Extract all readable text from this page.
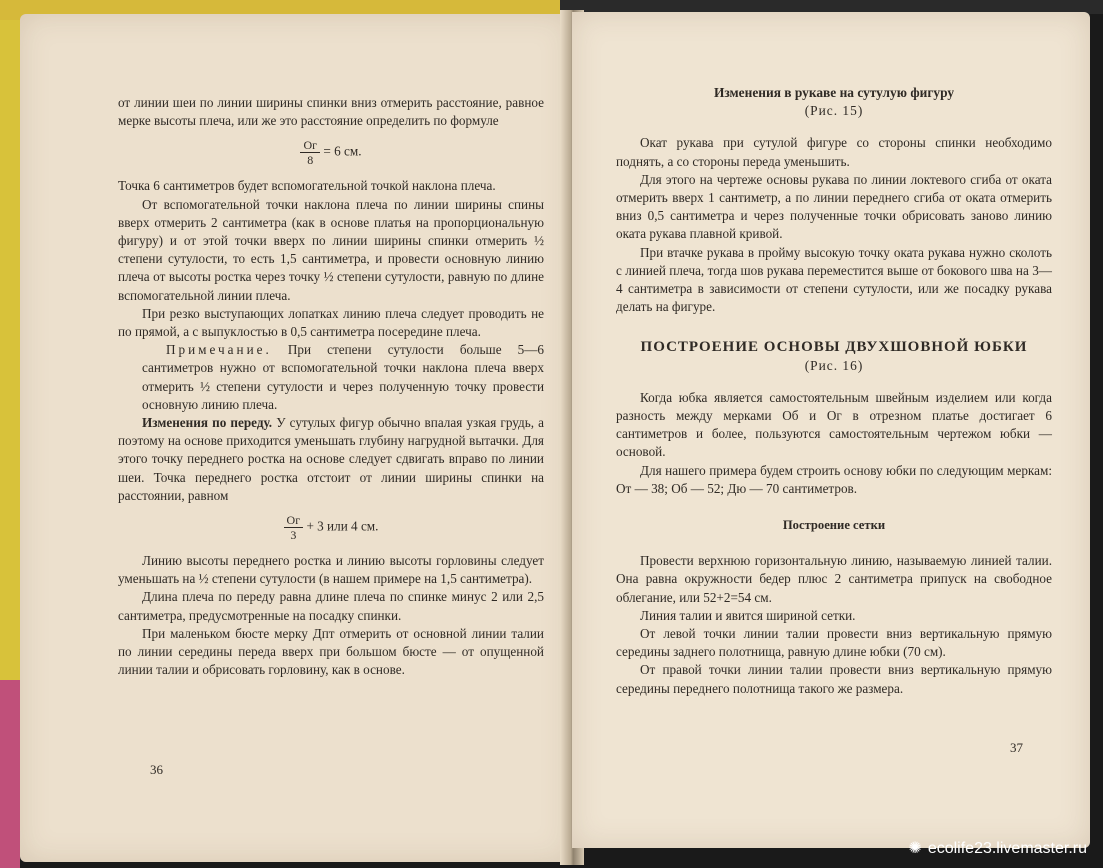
от линии шеи по линии ширины спинки вниз отмерить расстояние, равное мерке высоты плеча, или же это расстояние определить по формуле

$\frac{Ог}{8} = 6$ см.

Точка 6 сантиметров будет вспомогательной точкой наклона плеча.

От вспомогательной точки наклона плеча по линии ширины спины вверх отмерить 2 сантиметра (как в основе платья на пропорциональную фигуру) и от этой точки вверх по линии ширины спинки отмерить ½ степени сутулости, то есть 1,5 сантиметра, и провести основную линию плеча от высоты ростка через точку ½ степени сутулости, равную по длине вспомогательной линии плеча.

При резко выступающих лопатках линию плеча следует проводить не по прямой, а с выпуклостью в 0,5 сантиметра посередине плеча.

Примечание. При степени сутулости больше 5—6 сантиметров нужно от вспомогательной точки наклона плеча вверх отмерить ½ степени сутулости и через полученную точку провести основную линию плеча.

Изменения по переду. У сутулых фигур обычно впалая узкая грудь, а поэтому на основе приходится уменьшать глубину нагрудной вытачки. Для этого точку переднего ростка на основе следует сдвигать вправо по линии шеи. Точка переднего ростка отстоит от линии ширины спинки на расстоянии, равном

$\frac{Ог}{3} + 3$ или 4 см.

Линию высоты переднего ростка и линию высоты горловины следует уменьшать на ½ степени сутулости (в нашем примере на 1,5 сантиметра).

Длина плеча по переду равна длине плеча по спинке минус 2 или 2,5 сантиметра, предусмотренные на посадку спинки.

При маленьком бюсте мерку Дпт отмерить от основной линии талии по линии середины переда вверх при большом бюсте — от опущенной линии талии и обрисовать горловину, как в основе.

36
Изменения в рукаве на сутулую фигуру
(Рис. 15)

Окат рукава при сутулой фигуре со стороны спинки необходимо поднять, а со стороны переда уменьшить.

Для этого на чертеже основы рукава по линии локтевого сгиба от оката отмерить вверх 1 сантиметр, а по линии переднего сгиба от оката отмерить вниз 0,5 сантиметра и через полученные точки обрисовать заново линию оката рукава плавной кривой.

При втачке рукава в пройму высокую точку оката рукава нужно сколоть с линией плеча, тогда шов рукава переместится выше от бокового шва на 3—4 сантиметра в зависимости от степени сутулости, или же посадку рукава делать на фигуре.

ПОСТРОЕНИЕ ОСНОВЫ ДВУХШОВНОЙ ЮБКИ
(Рис. 16)

Когда юбка является самостоятельным швейным изделием или когда разность между мерками Об и Ог в отрезном платье достигает 6 сантиметров и более, пользуются самостоятельным чертежом юбки — основой.

Для нашего примера будем строить основу юбки по следующим меркам: От — 38; Об — 52; Дю — 70 сантиметров.

Построение сетки

Провести верхнюю горизонтальную линию, называемую линией талии. Она равна окружности бедер плюс 2 сантиметра припуск на свободное облегание, или 52+2=54 см.

Линия талии и явится шириной сетки.

От левой точки линии талии провести вниз вертикальную прямую середины заднего полотнища, равную длине юбки (70 см).

От правой точки линии талии провести вниз вертикальную прямую середины переднего полотнища такого же размера.

37
✺ ecolife23.livemaster.ru
